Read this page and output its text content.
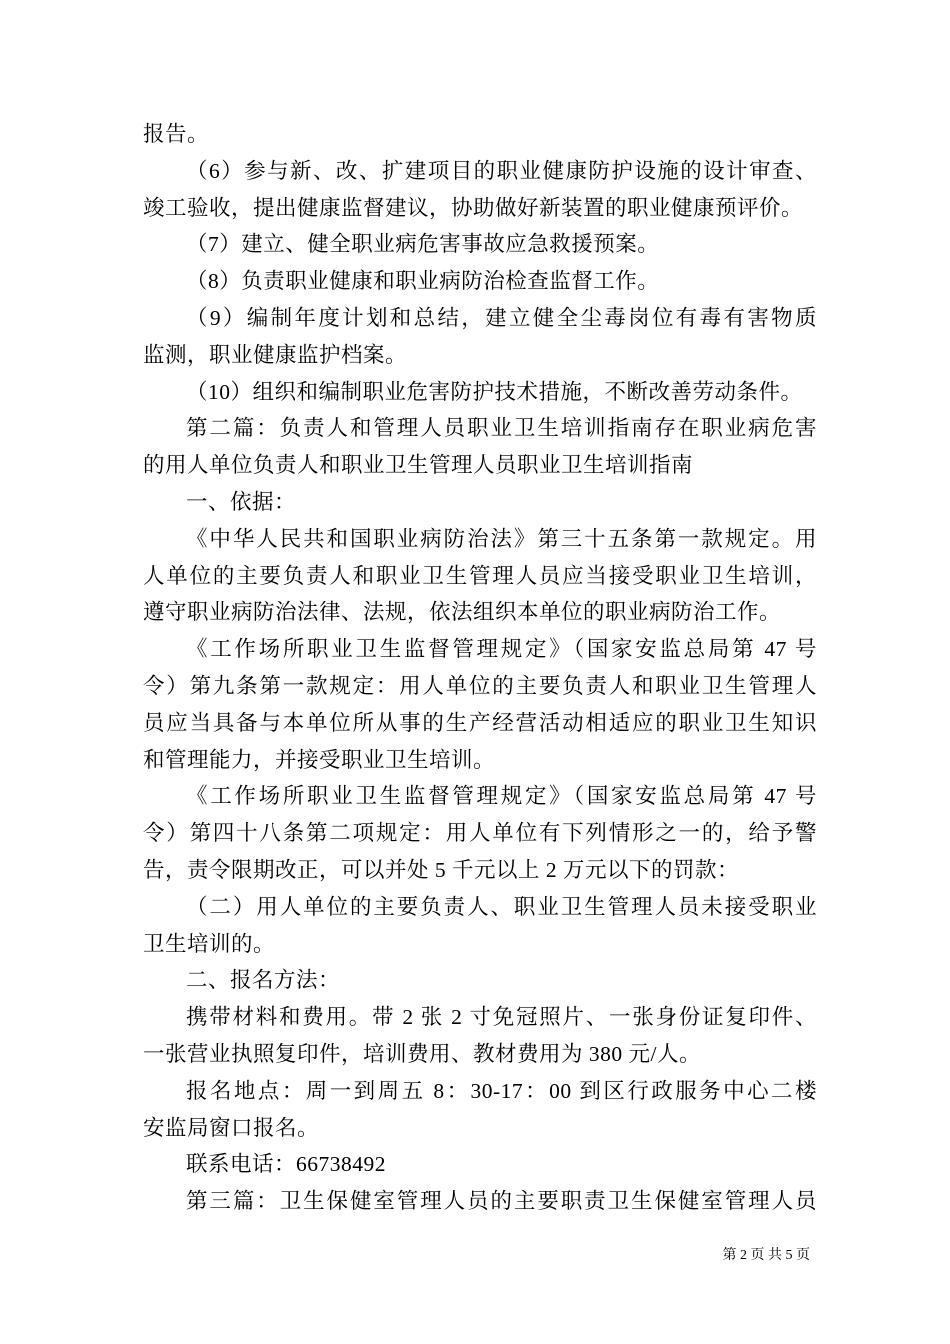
报告。
（6）参与新、改、扩建项目的职业健康防护设施的设计审查、
竣工验收，提出健康监督建议，协助做好新装置的职业健康预评价。
（7）建立、健全职业病危害事故应急救援预案。
（8）负责职业健康和职业病防治检查监督工作。
（9）编制年度计划和总结，建立健全尘毒岗位有毒有害物质
监测，职业健康监护档案。
（10）组织和编制职业危害防护技术措施，不断改善劳动条件。
第二篇：负责人和管理人员职业卫生培训指南存在职业病危害
的用人单位负责人和职业卫生管理人员职业卫生培训指南
一、依据：
《中华人民共和国职业病防治法》第三十五条第一款规定。用
人单位的主要负责人和职业卫生管理人员应当接受职业卫生培训，
遵守职业病防治法律、法规，依法组织本单位的职业病防治工作。
《工作场所职业卫生监督管理规定》（国家安监总局第 47 号
令）第九条第一款规定：用人单位的主要负责人和职业卫生管理人
员应当具备与本单位所从事的生产经营活动相适应的职业卫生知识
和管理能力，并接受职业卫生培训。
《工作场所职业卫生监督管理规定》（国家安监总局第 47 号
令）第四十八条第二项规定：用人单位有下列情形之一的，给予警
告，责令限期改正，可以并处 5 千元以上 2 万元以下的罚款：
（二）用人单位的主要负责人、职业卫生管理人员未接受职业
卫生培训的。
二、报名方法：
携带材料和费用。带 2 张 2 寸免冠照片、一张身份证复印件、
一张营业执照复印件，培训费用、教材费用为 380 元/人。
报名地点：周一到周五 8：30-17：00 到区行政服务中心二楼
安监局窗口报名。
联系电话：66738492
第三篇：卫生保健室管理人员的主要职责卫生保健室管理人员
第 2 页 共 5 页
